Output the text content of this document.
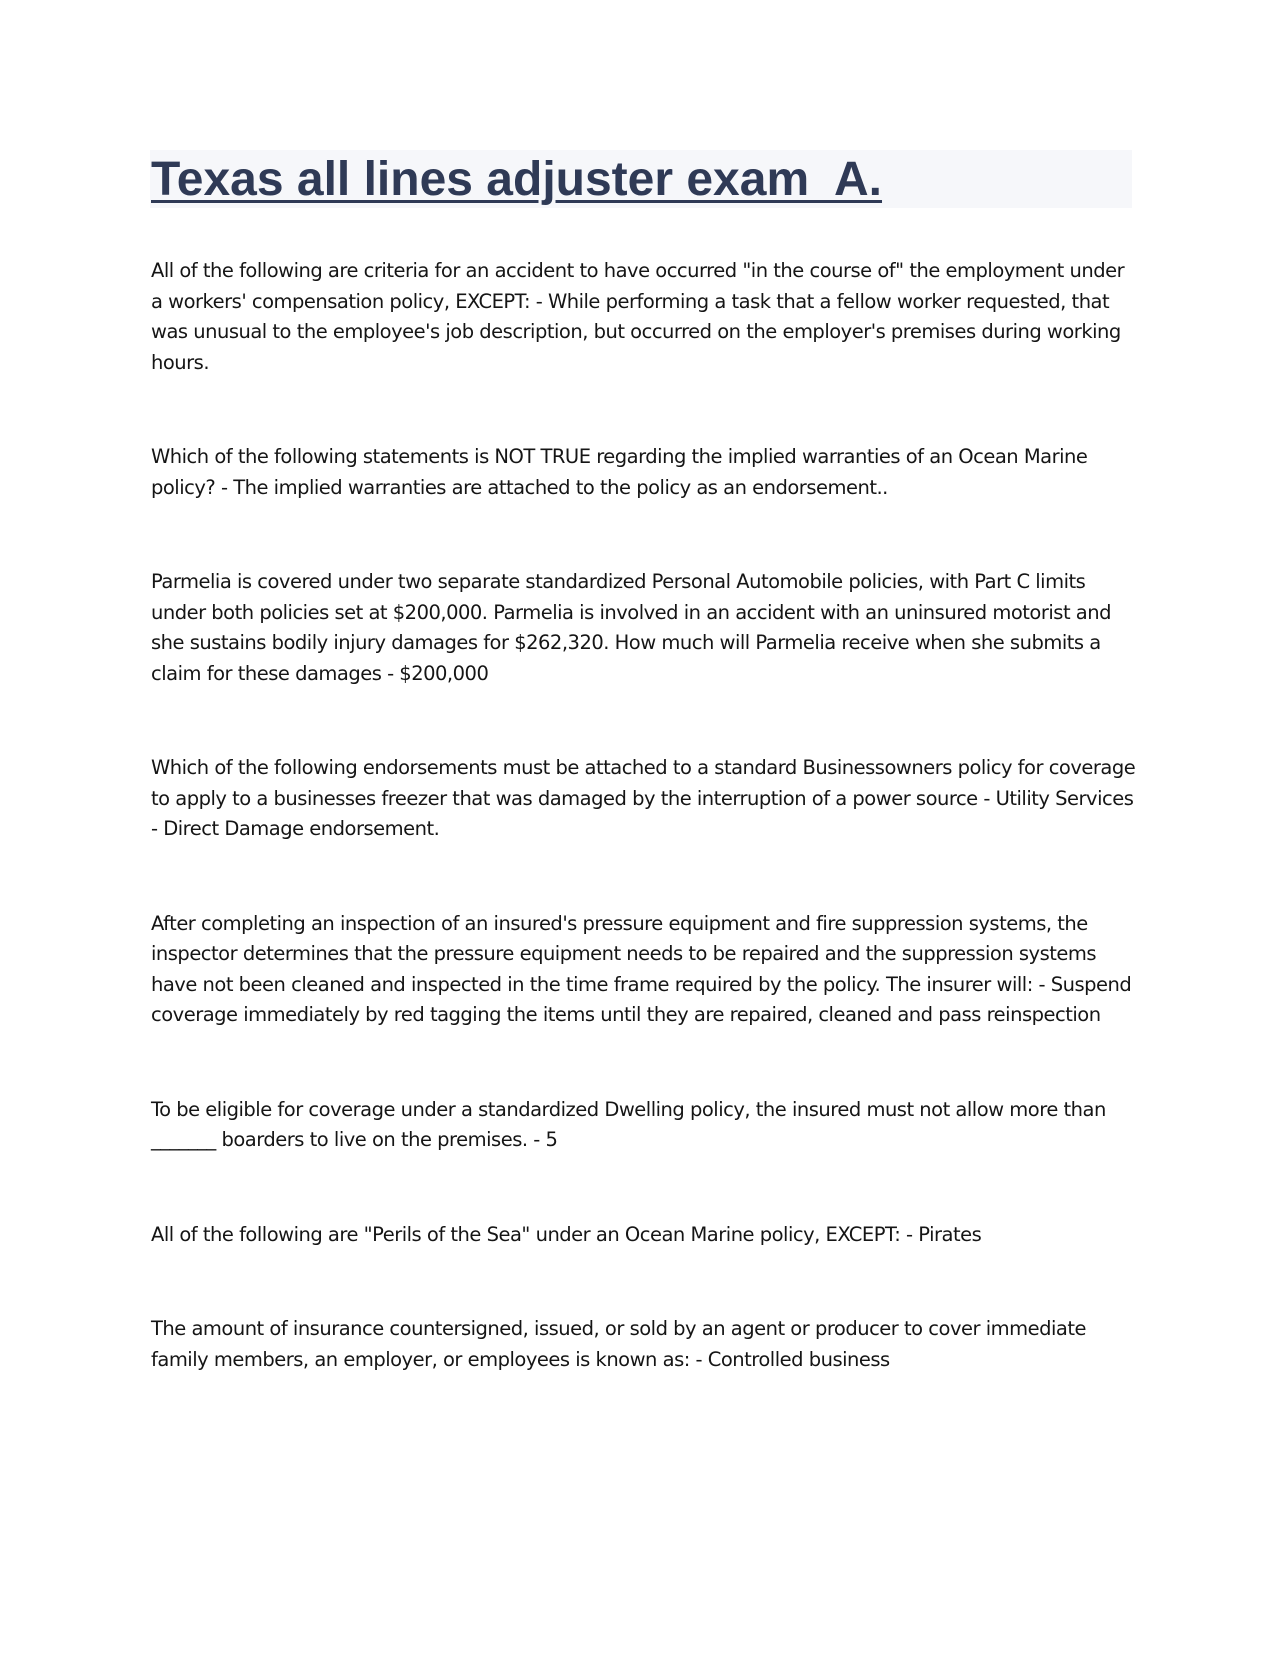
Texas all lines adjuster exam  A.

All of the following are criteria for an accident to have occurred "in the course of" the employment under a workers' compensation policy, EXCEPT: - While performing a task that a fellow worker requested, that was unusual to the employee's job description, but occurred on the employer's premises during working hours.

Which of the following statements is NOT TRUE regarding the implied warranties of an Ocean Marine policy? - The implied warranties are attached to the policy as an endorsement..

Parmelia is covered under two separate standardized Personal Automobile policies, with Part C limits under both policies set at $200,000. Parmelia is involved in an accident with an uninsured motorist and she sustains bodily injury damages for $262,320. How much will Parmelia receive when she submits a claim for these damages - $200,000

Which of the following endorsements must be attached to a standard Businessowners policy for coverage to apply to a businesses freezer that was damaged by the interruption of a power source - Utility Services - Direct Damage endorsement.

After completing an inspection of an insured's pressure equipment and fire suppression systems, the inspector determines that the pressure equipment needs to be repaired and the suppression systems have not been cleaned and inspected in the time frame required by the policy. The insurer will: - Suspend coverage immediately by red tagging the items until they are repaired, cleaned and pass reinspection

To be eligible for coverage under a standardized Dwelling policy, the insured must not allow more than _______ boarders to live on the premises. - 5

All of the following are "Perils of the Sea" under an Ocean Marine policy, EXCEPT: - Pirates

The amount of insurance countersigned, issued, or sold by an agent or producer to cover immediate family members, an employer, or employees is known as: - Controlled business
